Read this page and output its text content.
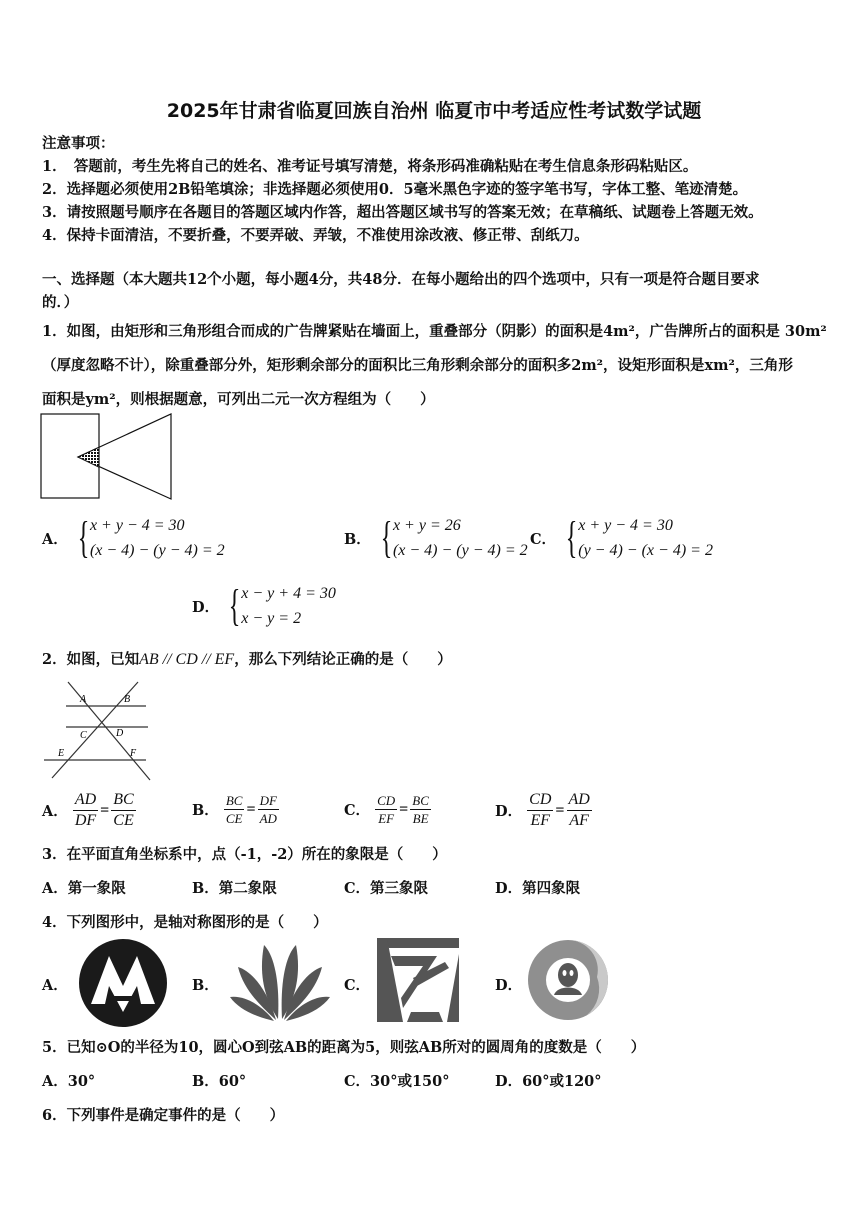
2025年甘肃省临夏回族自治州 临夏市中考适应性考试数学试题
注意事项：
1．　答题前，考生先将自己的姓名、准考证号填写清楚，将条形码准确粘贴在考生信息条形码粘贴区。
2．选择题必须使用2B铅笔填涂；非选择题必须使用0．5毫米黑色字迹的签字笔书写，字体工整、笔迹清楚。
3．请按照题号顺序在各题目的答题区域内作答，超出答题区域书写的答案无效；在草稿纸、试题卷上答题无效。
4．保持卡面清洁，不要折叠，不要弄破、弄皱，不准使用涂改液、修正带、刮纸刀。
一、选择题（本大题共12个小题，每小题4分，共48分．在每小题给出的四个选项中，只有一项是符合题目要求
的．）
1．如图，由矩形和三角形组合而成的广告牌紧贴在墙面上，重叠部分（阴影）的面积是4m²，广告牌所占的面积是 30m²
（厚度忽略不计），除重叠部分外，矩形剩余部分的面积比三角形剩余部分的面积多2m²，设矩形面积是xm²，三角形
面积是ym²，则根据题意，可列出二元一次方程组为（　　）
A． { x + y − 4 = 30
(x − 4) − (y − 4) = 2
B． { x + y = 26
(x − 4) − (y − 4) = 2
C． { x + y − 4 = 30
(y − 4) − (x − 4) = 2
D． { x − y + 4 = 30
x − y = 2
2．如图，已知AB // CD // EF，那么下列结论正确的是（　　）
A	B
C	D
E	F
A． $\frac{AD}{DF} = \frac{BC}{CE}$	B． $\frac{BC}{CE} = \frac{DF}{AD}$	C． $\frac{CD}{EF} = \frac{BC}{BE}$	D． $\frac{CD}{EF} = \frac{AD}{AF}$
3．在平面直角坐标系中，点（-1，-2）所在的象限是（　　）
A．第一象限	B．第二象限	C．第三象限	D．第四象限
4．下列图形中，是轴对称图形的是（　　）
A．	B．	C．	D．
5．已知⊙O的半径为10，圆心O到弦AB的距离为5，则弦AB所对的圆周角的度数是（　　）
A．30°	B．60°	C．30°或150°	D．60°或120°
6．下列事件是确定事件的是（　　）
